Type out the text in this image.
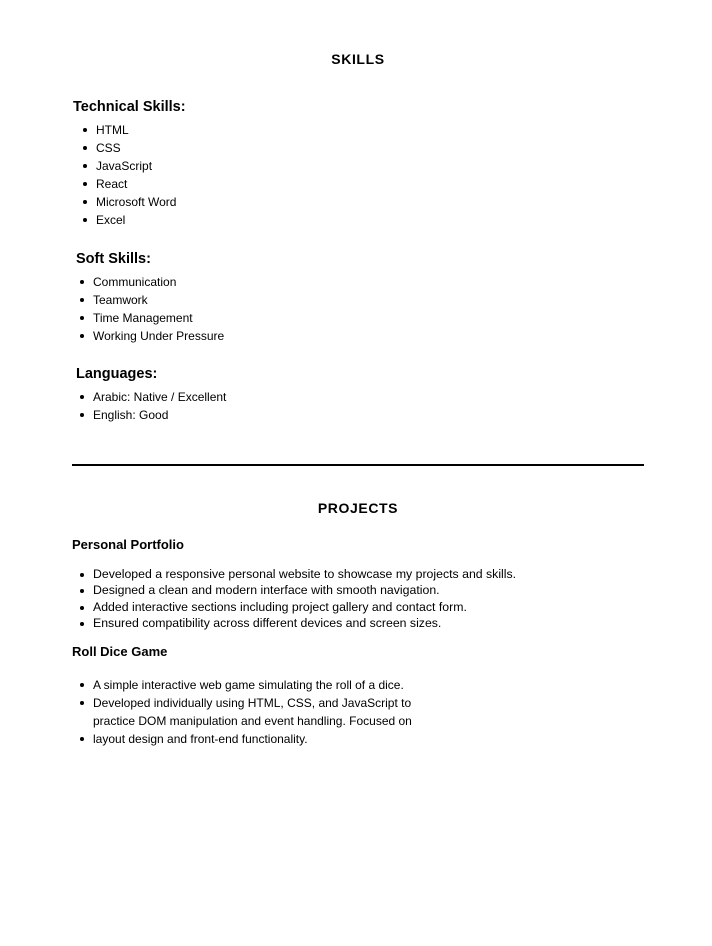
SKILLS
Technical Skills:
HTML
CSS
JavaScript
React
Microsoft Word
Excel
Soft Skills:
Communication
Teamwork
Time Management
Working Under Pressure
Languages:
Arabic: Native / Excellent
English: Good
PROJECTS
Personal Portfolio
Developed a responsive personal website to showcase my projects and skills.
Designed a clean and modern interface with smooth navigation.
Added interactive sections including project gallery and contact form.
Ensured compatibility across different devices and screen sizes.
Roll Dice Game
A simple interactive web game simulating the roll of a dice.
Developed individually using HTML, CSS, and JavaScript to
practice DOM manipulation and event handling. Focused on
layout design and front-end functionality.
